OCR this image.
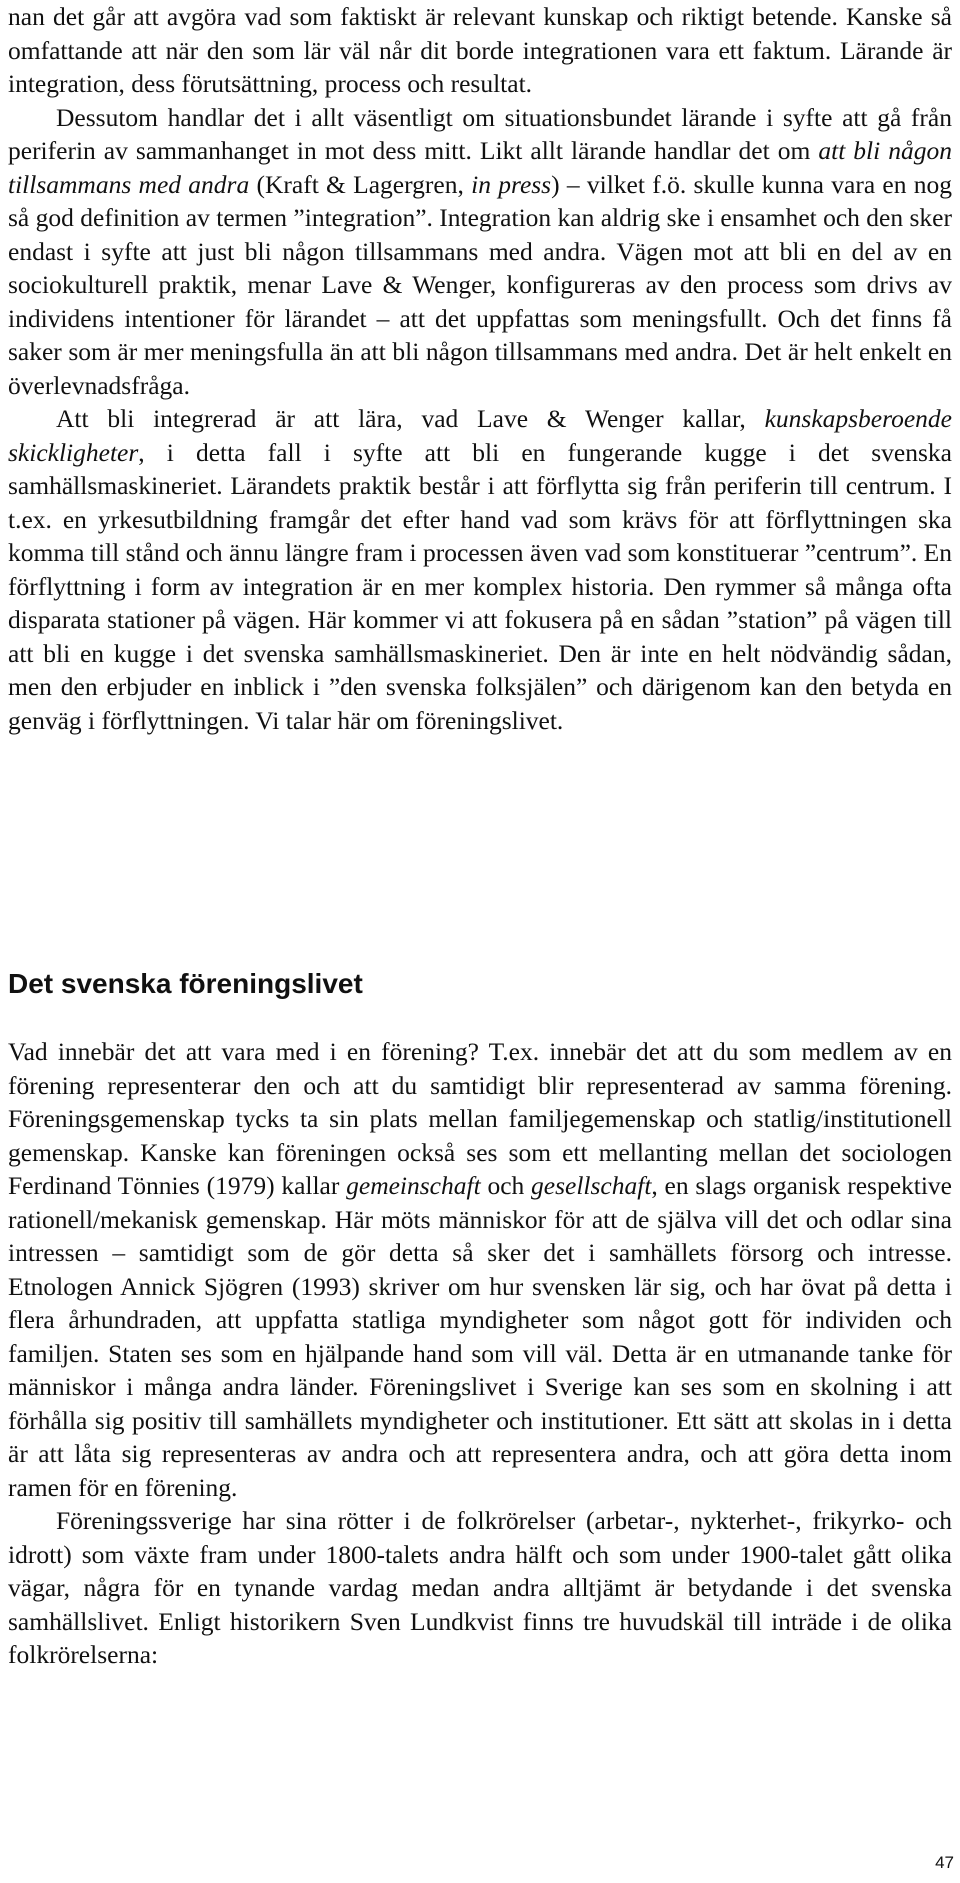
nan det går att avgöra vad som faktiskt är relevant kunskap och riktigt betende. Kanske så omfattande att när den som lär väl når dit borde integrationen vara ett faktum. Lärande är integration, dess förutsättning, process och resultat.

Dessutom handlar det i allt väsentligt om situationsbundet lärande i syfte att gå från periferin av sammanhanget in mot dess mitt. Likt allt lärande handlar det om att bli någon tillsammans med andra (Kraft & Lagergren, in press) – vilket f.ö. skulle kunna vara en nog så god definition av termen ”integration”. Integration kan aldrig ske i ensamhet och den sker endast i syfte att just bli någon tillsammans med andra. Vägen mot att bli en del av en sociokulturell praktik, menar Lave & Wenger, konfigureras av den process som drivs av individens intentioner för lärandet – att det uppfattas som meningsfullt. Och det finns få saker som är mer meningsfulla än att bli någon tillsammans med andra. Det är helt enkelt en överlevnadsfråga.

Att bli integrerad är att lära, vad Lave & Wenger kallar, kunskapsberoende skickligheter, i detta fall i syfte att bli en fungerande kugge i det svenska samhällsmaskineriet. Lärandets praktik består i att förflytta sig från periferin till centrum. I t.ex. en yrkesutbildning framgår det efter hand vad som krävs för att förflyttningen ska komma till stånd och ännu längre fram i processen även vad som konstituerar ”centrum”. En förflyttning i form av integration är en mer komplex historia. Den rymmer så många ofta disparata stationer på vägen. Här kommer vi att fokusera på en sådan ”station” på vägen till att bli en kugge i det svenska samhällsmaskineriet. Den är inte en helt nödvändig sådan, men den erbjuder en inblick i ”den svenska folksjälen” och därigenom kan den betyda en genväg i förflyttningen. Vi talar här om föreningslivet.

Det svenska föreningslivet

Vad innebär det att vara med i en förening? T.ex. innebär det att du som medlem av en förening representerar den och att du samtidigt blir representerad av samma förening. Föreningsgemenskap tycks ta sin plats mellan familjegemenskap och statlig/institutionell gemenskap. Kanske kan föreningen också ses som ett mellanting mellan det sociologen Ferdinand Tönnies (1979) kallar gemeinschaft och gesellschaft, en slags organisk respektive rationell/mekanisk gemenskap. Här möts människor för att de själva vill det och odlar sina intressen – samtidigt som de gör detta så sker det i samhällets försorg och intresse. Etnologen Annick Sjögren (1993) skriver om hur svensken lär sig, och har övat på detta i flera århundraden, att uppfatta statliga myndigheter som något gott för individen och familjen. Staten ses som en hjälpande hand som vill väl. Detta är en utmanande tanke för människor i många andra länder. Föreningslivet i Sverige kan ses som en skolning i att förhålla sig positiv till samhällets myndigheter och institutioner. Ett sätt att skolas in i detta är att låta sig representeras av andra och att representera andra, och att göra detta inom ramen för en förening.

Föreningssverige har sina rötter i de folkrörelser (arbetar-, nykterhet-, frikyrko- och idrott) som växte fram under 1800-talets andra hälft och som under 1900-talet gått olika vägar, några för en tynande vardag medan andra alltjämt är betydande i det svenska samhällslivet. Enligt historikern Sven Lundkvist finns tre huvudskäl till inträde i de olika folkrörelserna:

47
